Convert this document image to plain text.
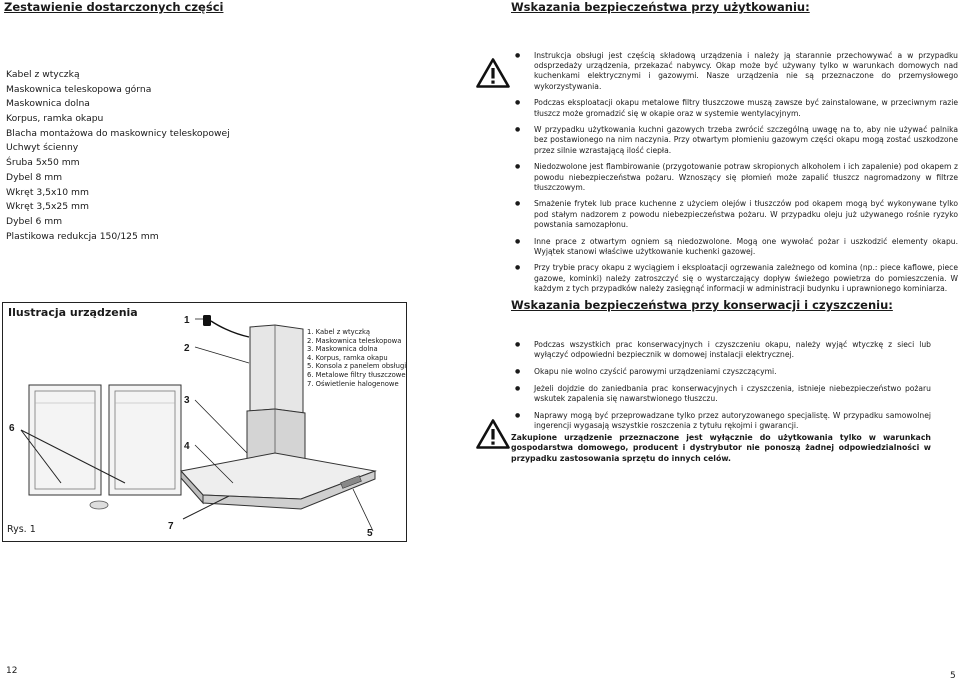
Zestawienie dostarczonych części
Kabel z wtyczką
Maskownica teleskopowa górna
Maskownica dolna
Korpus, ramka okapu
Blacha montażowa do maskownicy teleskopowej
Uchwyt ścienny
Śruba 5x50 mm
Dybel 8 mm
Wkręt 3,5x10 mm
Wkręt 3,5x25 mm
Dybel 6 mm
Plastikowa redukcja 150/125 mm
Wskazania bezpieczeństwa przy użytkowaniu:
● Instrukcja obsługi jest częścią składową urządzenia i należy ją starannie przechowywać a w przypadku odsprzedaży urządzenia, przekazać nabywcy. Okap może być używany tylko w warunkach domowych nad kuchenkami elektrycznymi i gazowymi. Nasze urządzenia nie są przeznaczone do przemysłowego wykorzystywania.
● Podczas eksploatacji okapu metalowe filtry tłuszczowe muszą zawsze być zainstalowane, w przeciwnym razie tłuszcz może gromadzić się w okapie oraz w systemie wentylacyjnym.
● W przypadku użytkowania kuchni gazowych trzeba zwrócić szczególną uwagę na to, aby nie używać palnika bez postawionego na nim naczynia. Przy otwartym płomieniu gazowym części okapu mogą zostać uszkodzone przez silnie wzrastającą ilość ciepła.
● Niedozwolone jest flambirowanie (przygotowanie potraw skropionych alkoholem i ich zapalenie) pod okapem z powodu niebezpieczeństwa pożaru. Wznoszący się płomień może zapalić tłuszcz nagromadzony w filtrze tłuszczowym.
● Smażenie frytek lub prace kuchenne z użyciem olejów i tłuszczów pod okapem mogą być wykonywane tylko pod stałym nadzorem z powodu niebezpieczeństwa pożaru. W przypadku oleju już używanego rośnie ryzyko powstania samozapłonu.
● Inne prace z otwartym ogniem są niedozwolone. Mogą one wywołać pożar i uszkodzić elementy okapu. Wyjątek stanowi właściwe użytkowanie kuchenki gazowej.
● Przy trybie pracy okapu z wyciągiem i eksploatacji ogrzewania zależnego od komina (np.: piece kaflowe, piece gazowe, kominki) należy zatroszczyć się o wystarczający dopływ świeżego powietrza do pomieszczenia. W każdym z tych przypadków należy zasięgnąć informacji w administracji budynku i uprawnionego kominiarza.
Ilustracja urządzenia
1
2
3
4
5
6
7
1. Kabel z wtyczką
2. Maskownica teleskopowa
3. Maskownica dolna
4. Korpus, ramka okapu
5. Konsola z panelem obsługi
6. Metalowe filtry tłuszczowe
7. Oświetlenie halogenowe
Rys. 1
Wskazania bezpieczeństwa przy konserwacji i czyszczeniu:
● Podczas wszystkich prac konserwacyjnych i czyszczeniu okapu, należy wyjąć wtyczkę z sieci lub wyłączyć odpowiedni bezpiecznik w domowej instalacji elektrycznej.
● Okapu nie wolno czyścić parowymi urządzeniami czyszczącymi.
● Jeżeli dojdzie do zaniedbania prac konserwacyjnych i czyszczenia, istnieje niebezpieczeństwo pożaru wskutek zapalenia się nawarstwionego tłuszczu.
● Naprawy mogą być przeprowadzane tylko przez autoryzowanego specjalistę. W przypadku samowolnej ingerencji wygasają wszystkie roszczenia z tytułu rękojmi i gwarancji.
Zakupione urządzenie przeznaczone jest wyłącznie do użytkowania tylko w warunkach gospodarstwa domowego, producent i dystrybutor nie ponoszą żadnej odpowiedzialności w przypadku zastosowania sprzętu do innych celów.
12	5
